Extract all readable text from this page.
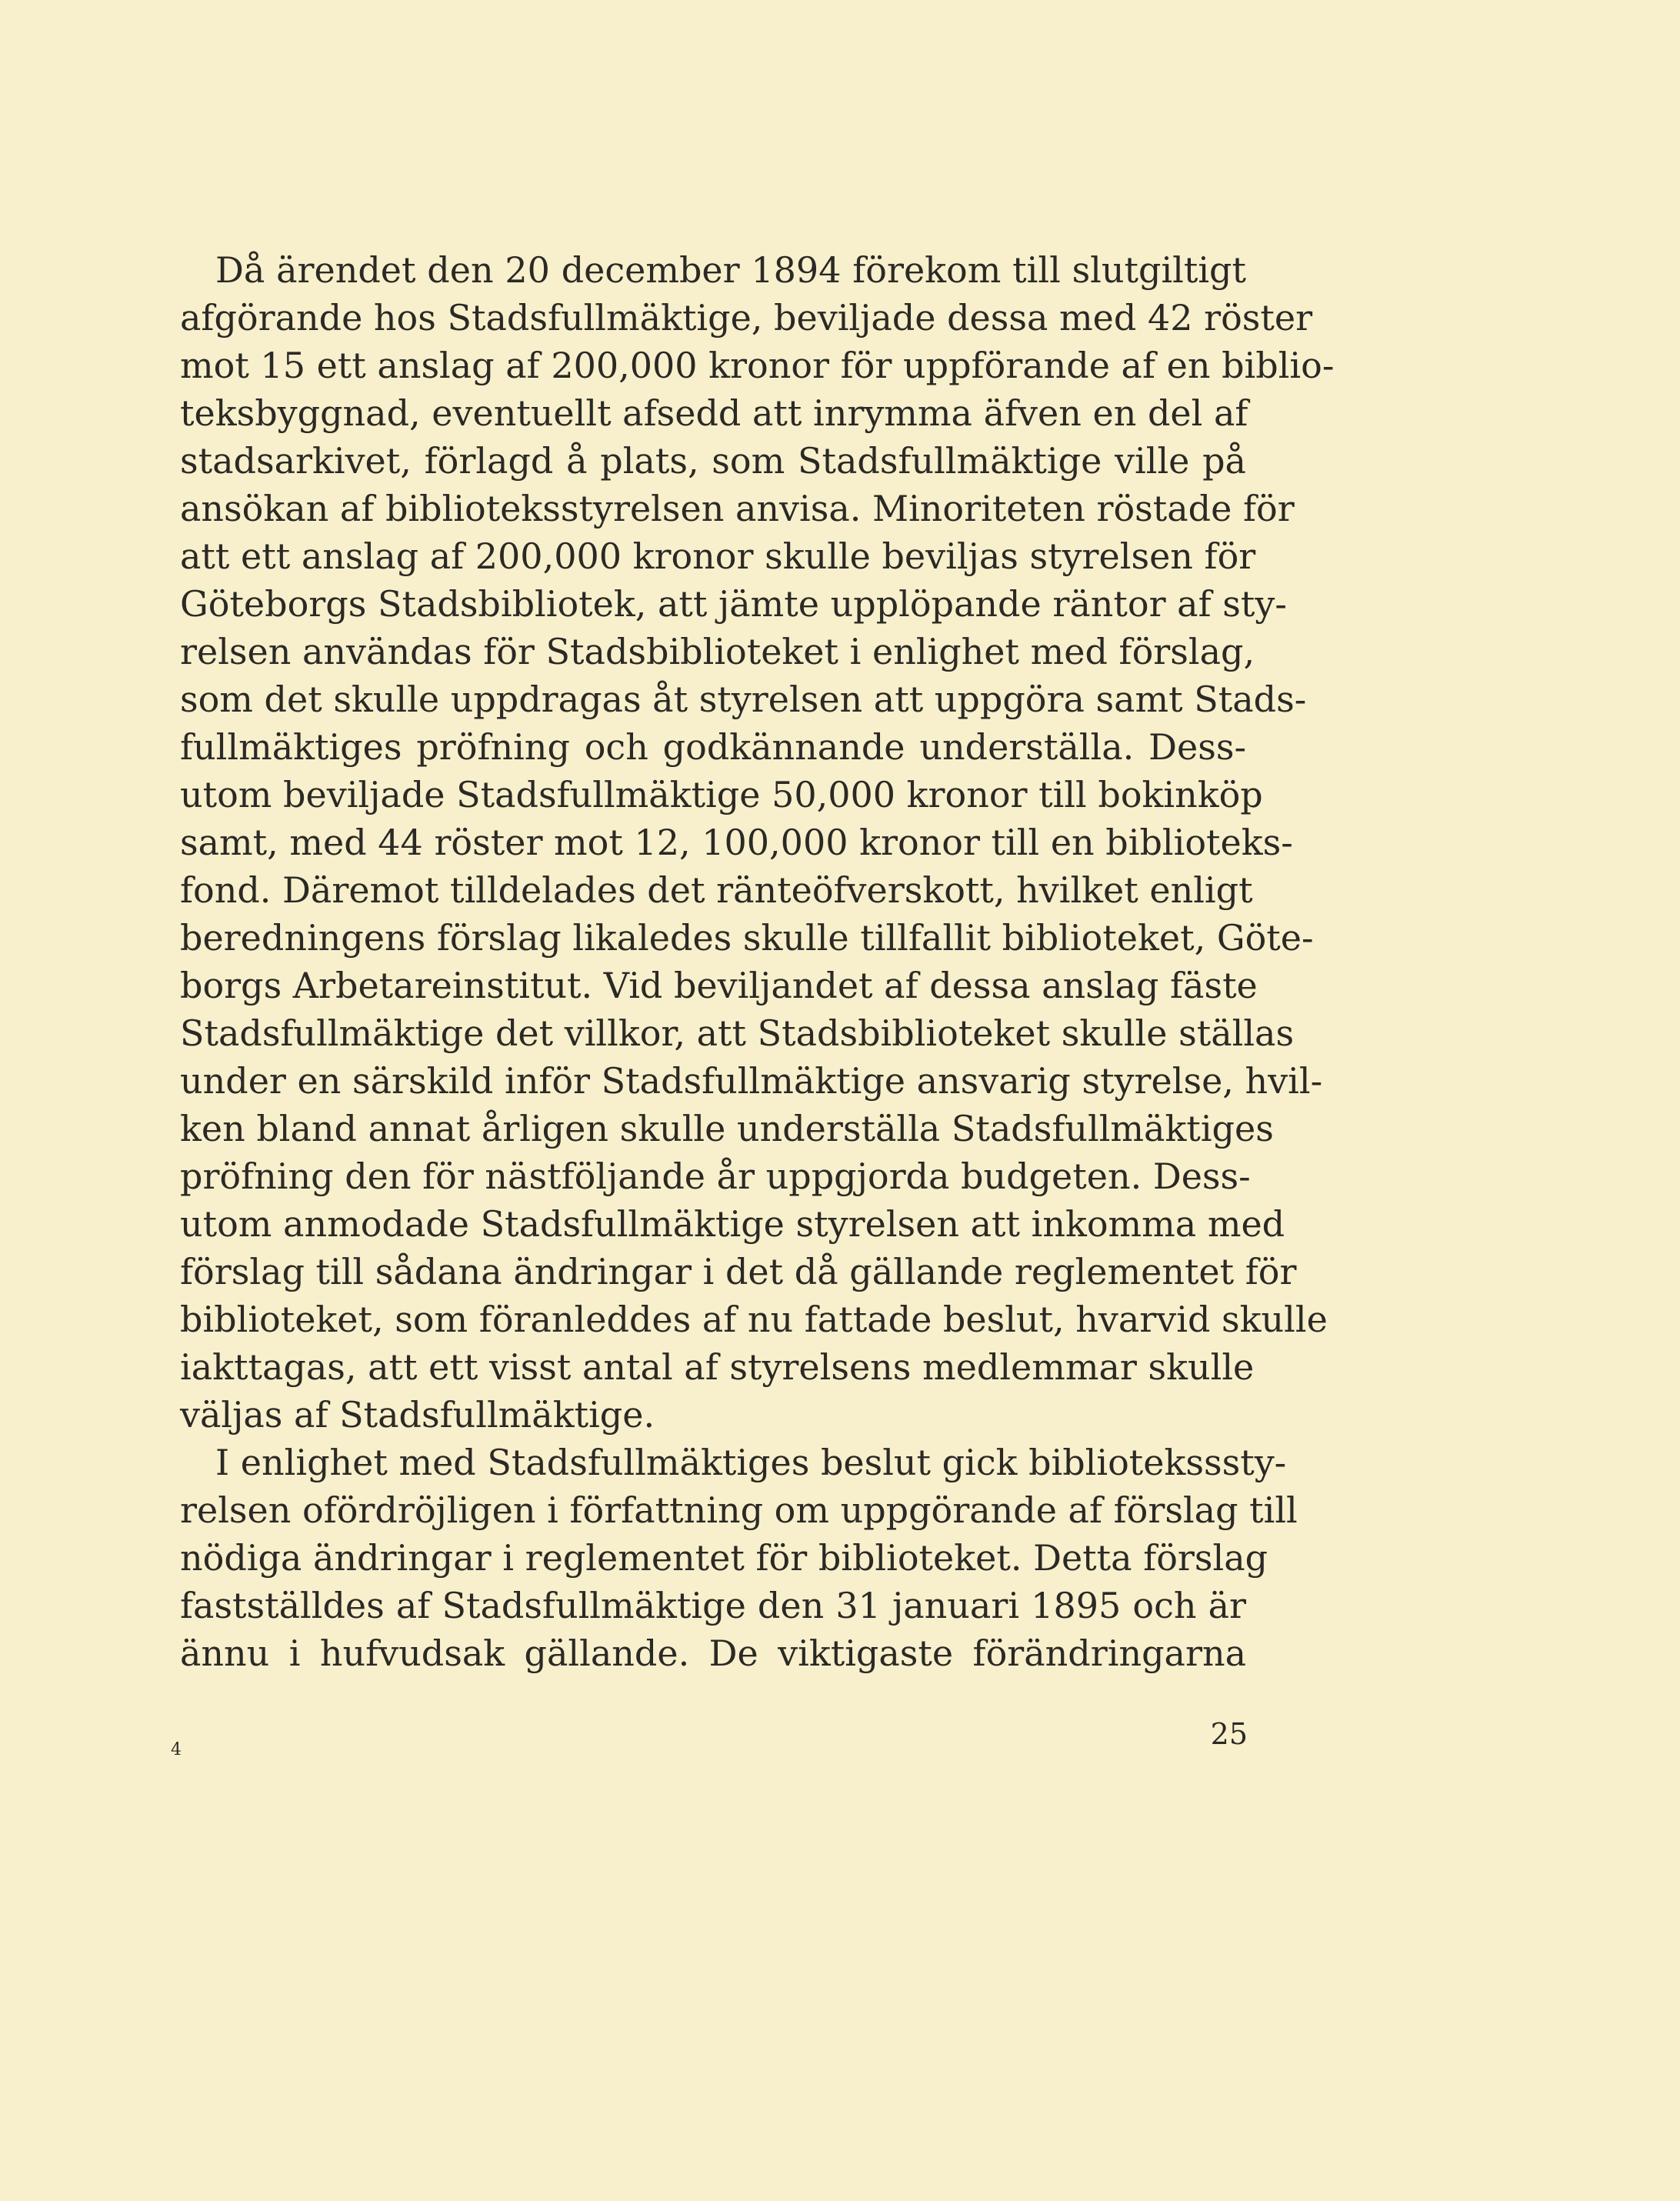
Då ärendet den 20 december 1894 förekom till slutgiltigt
afgörande hos Stadsfullmäktige, beviljade dessa med 42 röster
mot 15 ett anslag af 200,000 kronor för uppförande af en biblio-
teksbyggnad, eventuellt afsedd att inrymma äfven en del af
stadsarkivet, förlagd å plats, som Stadsfullmäktige ville på
ansökan af biblioteksstyrelsen anvisa. Minoriteten röstade för
att ett anslag af 200,000 kronor skulle beviljas styrelsen för
Göteborgs Stadsbibliotek, att jämte upplöpande räntor af sty-
relsen användas för Stadsbiblioteket i enlighet med förslag,
som det skulle uppdragas åt styrelsen att uppgöra samt Stads-
fullmäktiges pröfning och godkännande underställa. Dess-
utom beviljade Stadsfullmäktige 50,000 kronor till bokinköp
samt, med 44 röster mot 12, 100,000 kronor till en biblioteks-
fond. Däremot tilldelades det ränteöfverskott, hvilket enligt
beredningens förslag likaledes skulle tillfallit biblioteket, Göte-
borgs Arbetareinstitut. Vid beviljandet af dessa anslag fäste
Stadsfullmäktige det villkor, att Stadsbiblioteket skulle ställas
under en särskild inför Stadsfullmäktige ansvarig styrelse, hvil-
ken bland annat årligen skulle underställa Stadsfullmäktiges
pröfning den för nästföljande år uppgjorda budgeten. Dess-
utom anmodade Stadsfullmäktige styrelsen att inkomma med
förslag till sådana ändringar i det då gällande reglementet för
biblioteket, som föranleddes af nu fattade beslut, hvarvid skulle
iakttagas, att ett visst antal af styrelsens medlemmar skulle
väljas af Stadsfullmäktige.
I enlighet med Stadsfullmäktiges beslut gick biblioteksssty-
relsen ofördröjligen i författning om uppgörande af förslag till
nödiga ändringar i reglementet för biblioteket. Detta förslag
fastställdes af Stadsfullmäktige den 31 januari 1895 och är
ännu i hufvudsak gällande. De viktigaste förändringarna
4	25
